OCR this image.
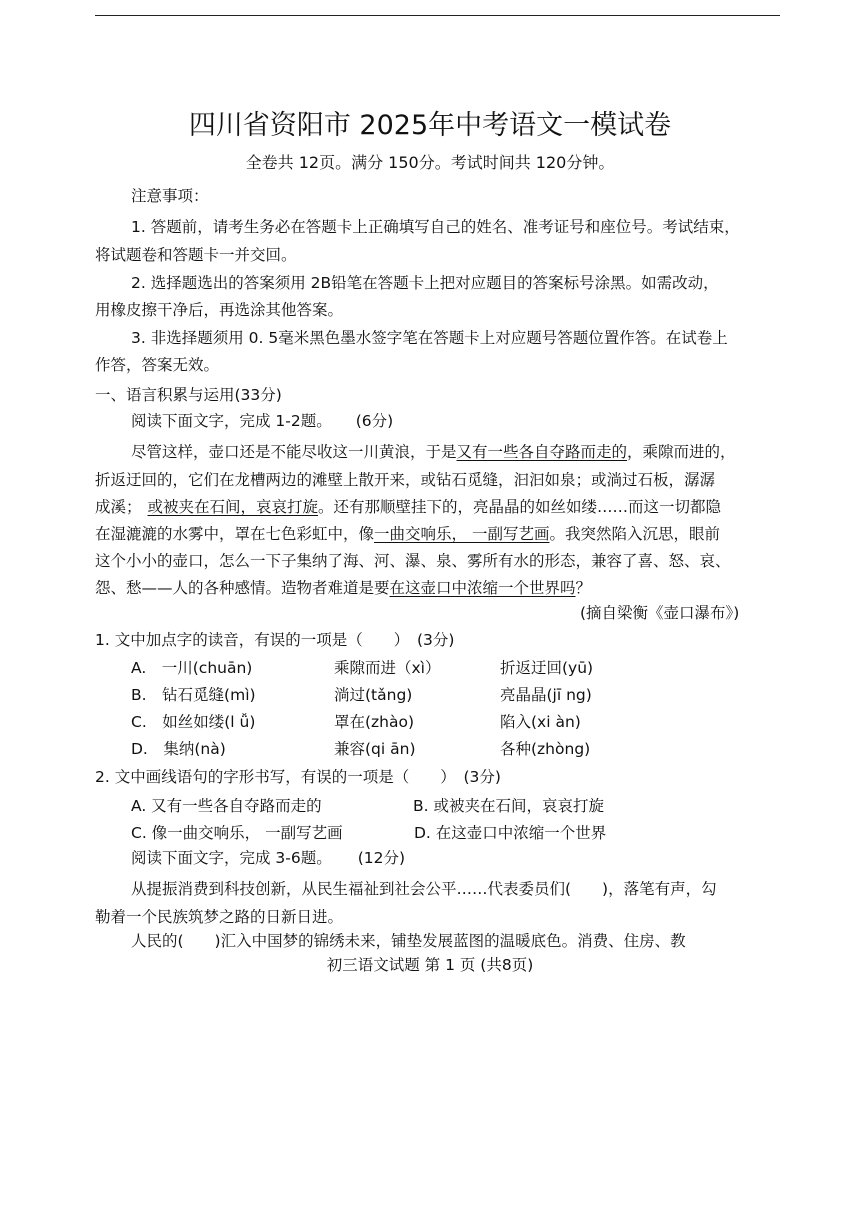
四川省资阳市 2025年中考语文一模试卷
全卷共 12页。满分 150分。考试时间共 120分钟。
注意事项：
1. 答题前，请考生务必在答题卡上正确填写自己的姓名、准考证号和座位号。考试结束，
将试题卷和答题卡一并交回。
2. 选择题选出的答案须用 2B铅笔在答题卡上把对应题目的答案标号涂黑。如需改动，
用橡皮擦干净后，再选涂其他答案。
3. 非选择题须用 0. 5毫米黑色墨水签字笔在答题卡上对应题号答题位置作答。在试卷上
作答，答案无效。
一、语言积累与运用(33分)
阅读下面文字，完成 1-2题。 (6分)
尽管这样，壶口还是不能尽收这一川黄浪，于是又有一些各自夺路而走的，乘隙而进的，
折返迂回的，它们在龙槽两边的滩壁上散开来，或钻石觅缝，汩汩如泉；或淌过石板，潺潺
成溪； 或被夹在石间，哀哀打旋。还有那顺壁挂下的，亮晶晶的如丝如缕……而这一切都隐
在湿漉漉的水雾中，罩在七色彩虹中，像一曲交响乐， 一副写艺画。我突然陷入沉思，眼前
这个小小的壶口，怎么一下子集纳了海、河、瀑、泉、雾所有水的形态，兼容了喜、怒、哀、
怨、愁——人的各种感情。造物者难道是要在这壶口中浓缩一个世界吗？
(摘自梁衡《壶口瀑布》)
1. 文中加点字的读音，有误的一项是（　　）　(3分)
A.　一川(chuān)	乘隙而进（xì）	折返迂回(yū)
B.　钻石觅缝(mì)	淌过(tǎng)	亮晶晶(jī ng)
C.　如丝如缕(l ǚ)	罩在(zhào)	陷入(xi àn)
D.　集纳(nà)	兼容(qi ān)	各种(zhòng)
2. 文中画线语句的字形书写，有误的一项是（　　）　(3分)
A. 又有一些各自夺路而走的	B. 或被夹在石间，哀哀打旋
C. 像一曲交响乐， 一副写艺画	D. 在这壶口中浓缩一个世界
阅读下面文字，完成 3-6题。 (12分)
从提振消费到科技创新，从民生福祉到社会公平……代表委员们(　　)，落笔有声，勾
勒着一个民族筑梦之路的日新日进。
人民的(　　)汇入中国梦的锦绣未来，铺垫发展蓝图的温暖底色。消费、住房、教
初三语文试题 第 1 页 (共8页)
